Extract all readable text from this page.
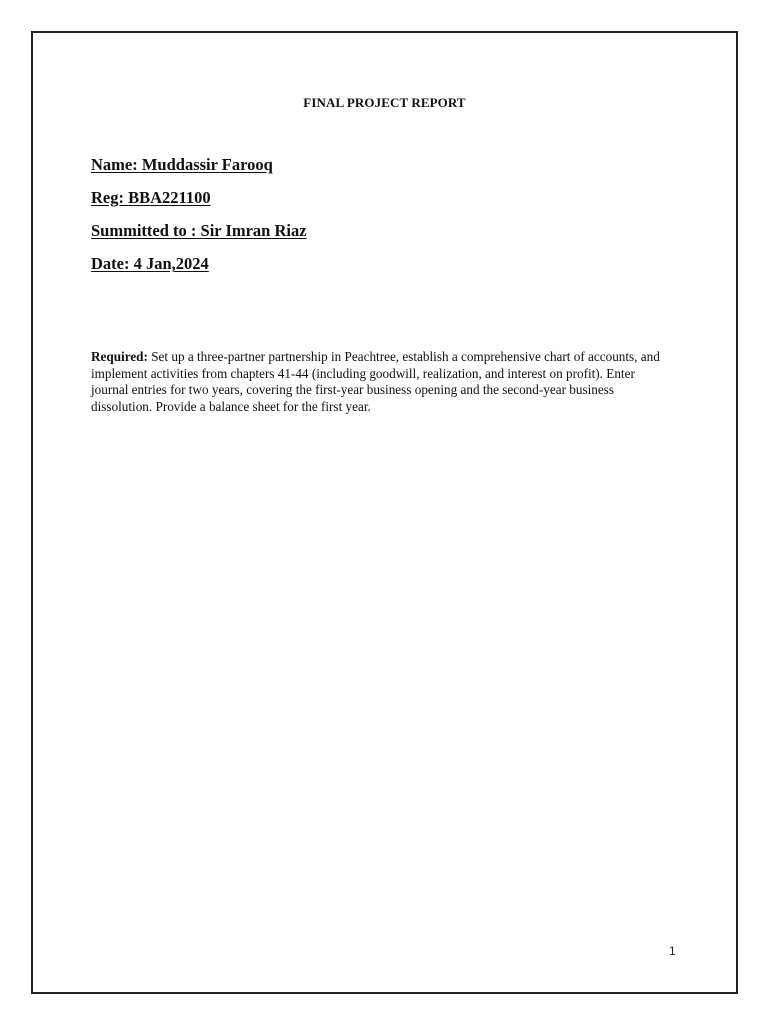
FINAL PROJECT REPORT
Name: Muddassir Farooq
Reg: BBA221100
Summitted to : Sir Imran Riaz
Date: 4 Jan,2024
Required: Set up a three-partner partnership in Peachtree, establish a comprehensive chart of accounts, and implement activities from chapters 41-44 (including goodwill, realization, and interest on profit). Enter journal entries for two years, covering the first-year business opening and the second-year business dissolution. Provide a balance sheet for the first year.
1
